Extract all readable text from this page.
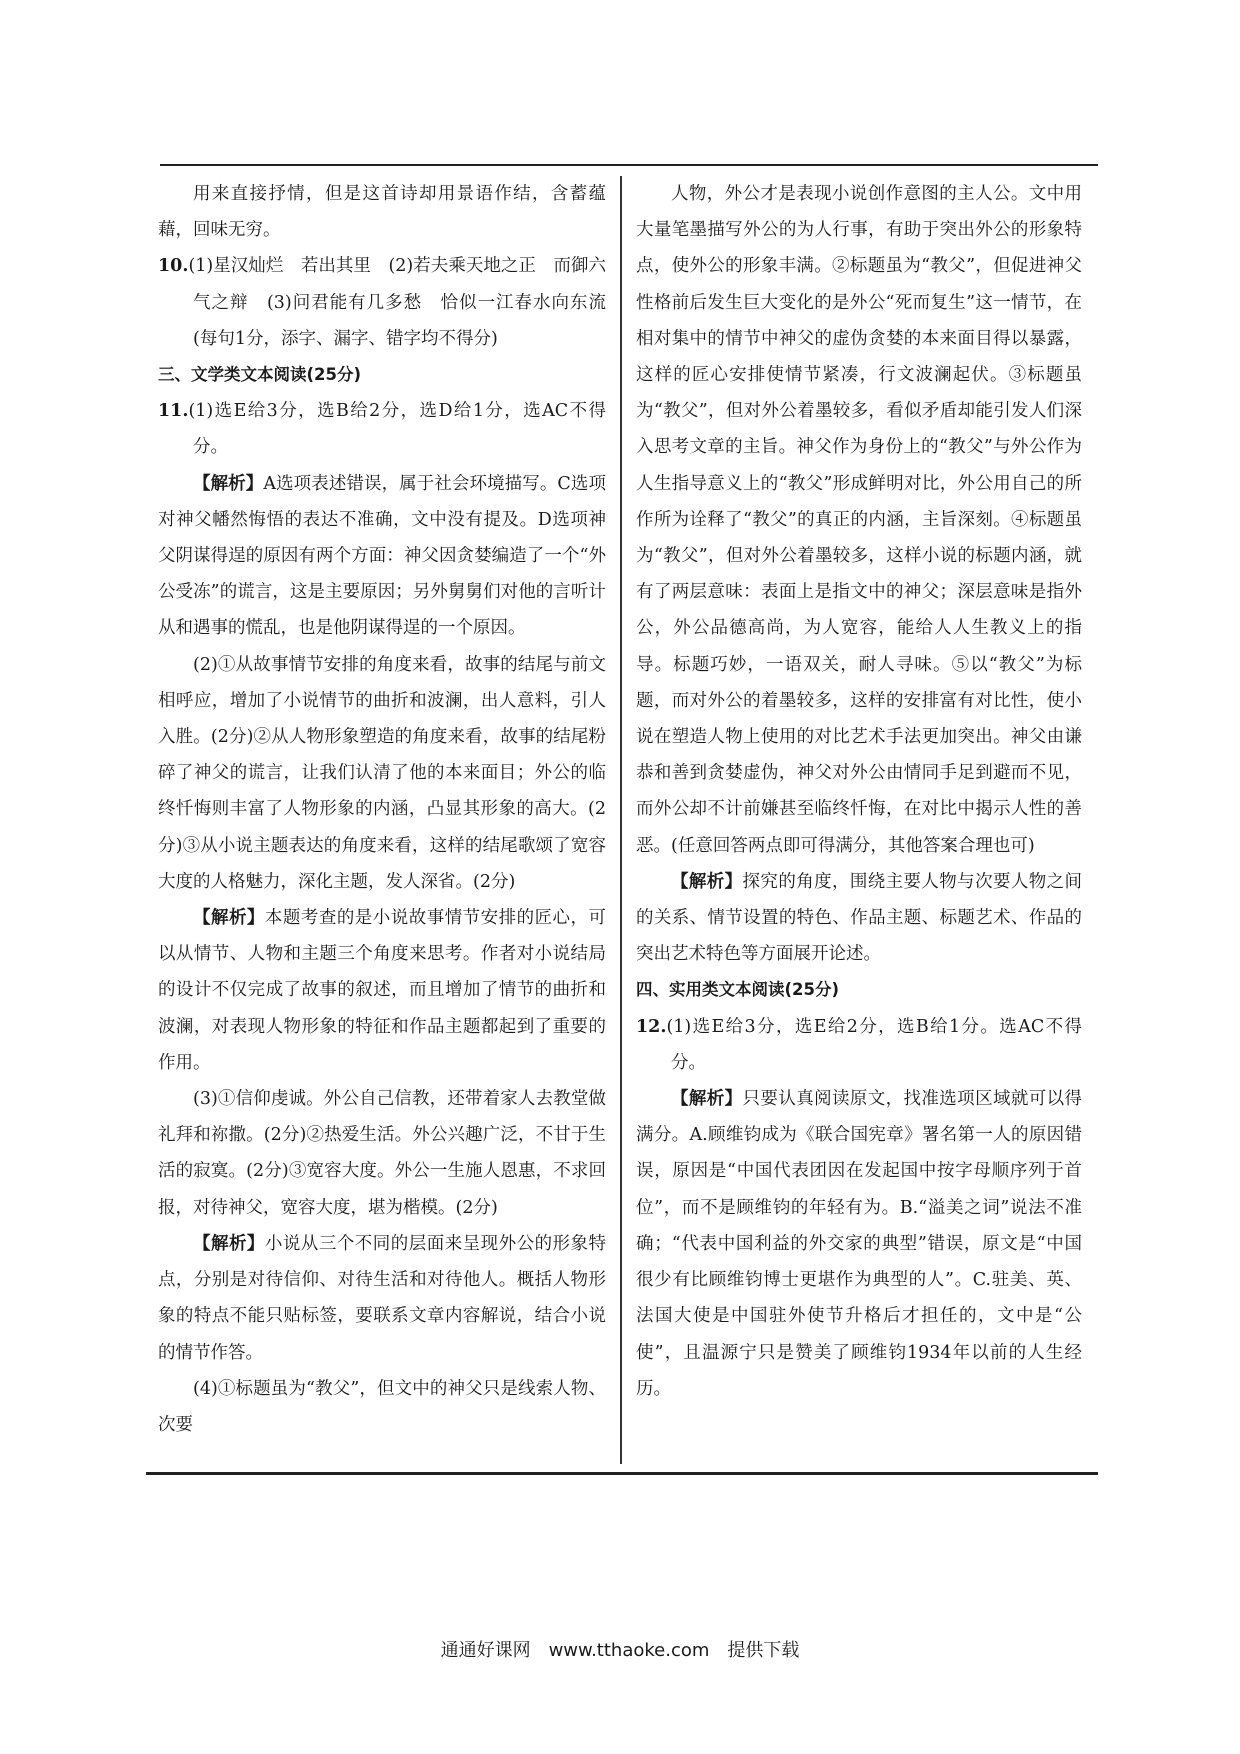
用来直接抒情，但是这首诗却用景语作结，含蓄蕴藉，回味无穷。

10.(1)星汉灿烂　若出其里　(2)若夫乘天地之正　而御六气之辩　(3)问君能有几多愁　恰似一江春水向东流(每句1分，添字、漏字、错字均不得分)

三、文学类文本阅读(25分)

11.(1)选E给3分，选B给2分，选D给1分，选AC不得分。

【解析】A选项表述错误，属于社会环境描写。C选项对神父幡然悔悟的表达不准确，文中没有提及。D选项神父阴谋得逞的原因有两个方面：神父因贪婪编造了一个“外公受冻”的谎言，这是主要原因；另外舅舅们对他的言听计从和遇事的慌乱，也是他阴谋得逞的一个原因。

(2)①从故事情节安排的角度来看，故事的结尾与前文相呼应，增加了小说情节的曲折和波澜，出人意料，引人入胜。(2分)②从人物形象塑造的角度来看，故事的结尾粉碎了神父的谎言，让我们认清了他的本来面目；外公的临终忏悔则丰富了人物形象的内涵，凸显其形象的高大。(2分)③从小说主题表达的角度来看，这样的结尾歌颂了宽容大度的人格魅力，深化主题，发人深省。(2分)

【解析】本题考查的是小说故事情节安排的匠心，可以从情节、人物和主题三个角度来思考。作者对小说结局的设计不仅完成了故事的叙述，而且增加了情节的曲折和波澜，对表现人物形象的特征和作品主题都起到了重要的作用。

(3)①信仰虔诚。外公自己信教，还带着家人去教堂做礼拜和祢撒。(2分)②热爱生活。外公兴趣广泛，不甘于生活的寂寞。(2分)③宽容大度。外公一生施人恩惠，不求回报，对待神父，宽容大度，堪为楷模。(2分)

【解析】小说从三个不同的层面来呈现外公的形象特点，分别是对待信仰、对待生活和对待他人。概括人物形象的特点不能只贴标签，要联系文章内容解说，结合小说的情节作答。

(4)①标题虽为“教父”，但文中的神父只是线索人物、次要

人物，外公才是表现小说创作意图的主人公。文中用大量笔墨描写外公的为人行事，有助于突出外公的形象特点，使外公的形象丰满。②标题虽为“教父”，但促进神父性格前后发生巨大变化的是外公“死而复生”这一情节，在相对集中的情节中神父的虚伪贪婪的本来面目得以暴露，这样的匠心安排使情节紧凑，行文波澜起伏。③标题虽为“教父”，但对外公着墨较多，看似矛盾却能引发人们深入思考文章的主旨。神父作为身份上的“教父”与外公作为人生指导意义上的“教父”形成鲜明对比，外公用自己的所作所为诠释了“教父”的真正的内涵，主旨深刻。④标题虽为“教父”，但对外公着墨较多，这样小说的标题内涵，就有了两层意味：表面上是指文中的神父；深层意味是指外公，外公品德高尚，为人宽容，能给人人生教义上的指导。标题巧妙，一语双关，耐人寻味。⑤以“教父”为标题，而对外公的着墨较多，这样的安排富有对比性，使小说在塑造人物上使用的对比艺术手法更加突出。神父由谦恭和善到贪婪虚伪，神父对外公由情同手足到避而不见，而外公却不计前嫌甚至临终忏悔，在对比中揭示人性的善恶。(任意回答两点即可得满分，其他答案合理也可)

【解析】探究的角度，围绕主要人物与次要人物之间的关系、情节设置的特色、作品主题、标题艺术、作品的突出艺术特色等方面展开论述。

四、实用类文本阅读(25分)

12.(1)选E给3分，选E给2分，选B给1分。选AC不得分。

【解析】只要认真阅读原文，找准选项区域就可以得满分。A.顾维钧成为《联合国宪章》署名第一人的原因错误，原因是“中国代表团因在发起国中按字母顺序列于首位”，而不是顾维钧的年轻有为。B.“溢美之词”说法不准确；“代表中国利益的外交家的典型”错误，原文是“中国很少有比顾维钧博士更堪作为典型的人”。C.驻美、英、法国大使是中国驻外使节升格后才担任的，文中是“公使”，且温源宁只是赞美了顾维钧1934年以前的人生经历。

通通好课网　www.tthaoke.com　提供下载
